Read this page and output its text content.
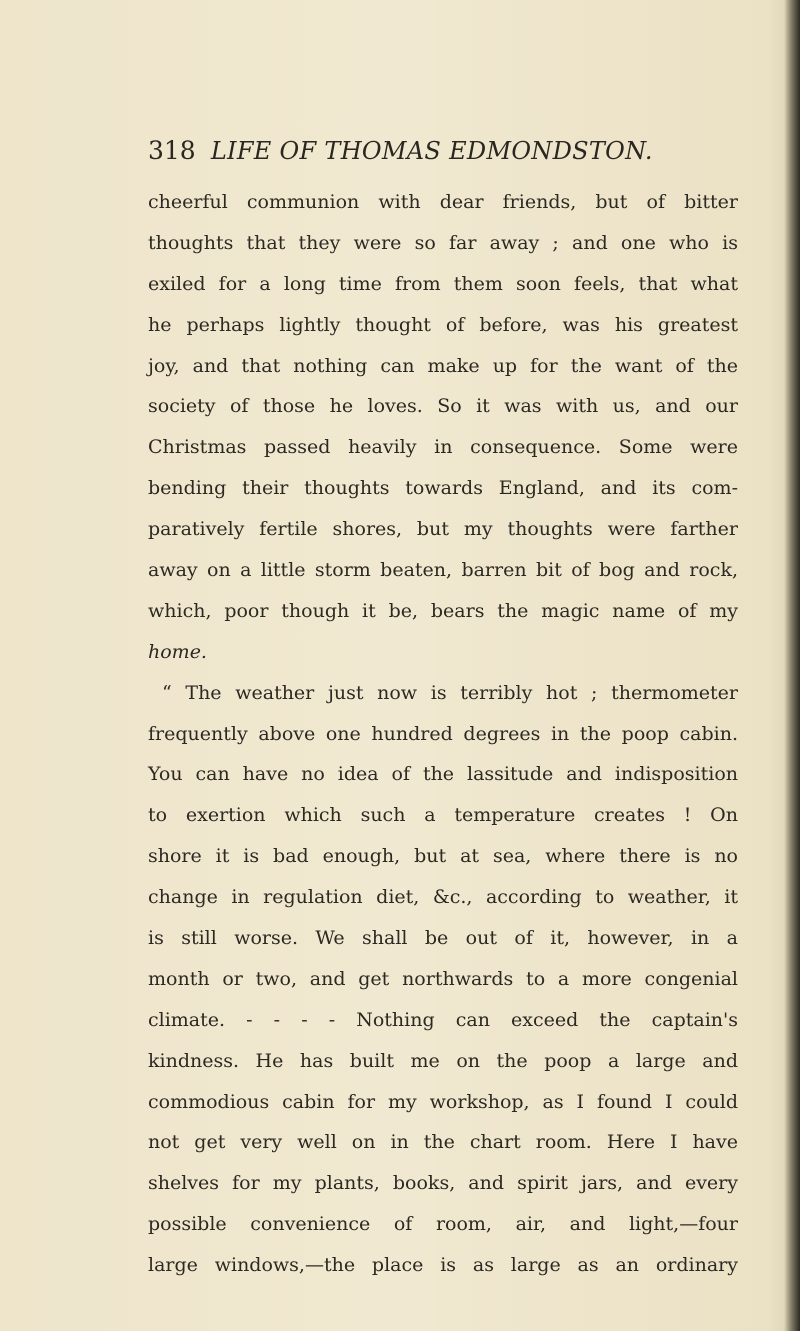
318 LIFE OF THOMAS EDMONDSTON.
cheerful communion with dear friends, but of bitter
thoughts that they were so far away ; and one who is
exiled for a long time from them soon feels, that what
he perhaps lightly thought of before, was his greatest
joy, and that nothing can make up for the want of the
society of those he loves. So it was with us, and our
Christmas passed heavily in consequence. Some were
bending their thoughts towards England, and its com-
paratively fertile shores, but my thoughts were farther
away on a little storm beaten, barren bit of bog and rock,
which, poor though it be, bears the magic name of my
home.
“ The weather just now is terribly hot ; thermometer
frequently above one hundred degrees in the poop cabin.
You can have no idea of the lassitude and indisposition
to exertion which such a temperature creates ! On
shore it is bad enough, but at sea, where there is no
change in regulation diet, &c., according to weather, it
is still worse. We shall be out of it, however, in a
month or two, and get northwards to a more congenial
climate. - - - - Nothing can exceed the captain's
kindness. He has built me on the poop a large and
commodious cabin for my workshop, as I found I could
not get very well on in the chart room. Here I have
shelves for my plants, books, and spirit jars, and every
possible convenience of room, air, and light,—four
large windows,—the place is as large as an ordinary
